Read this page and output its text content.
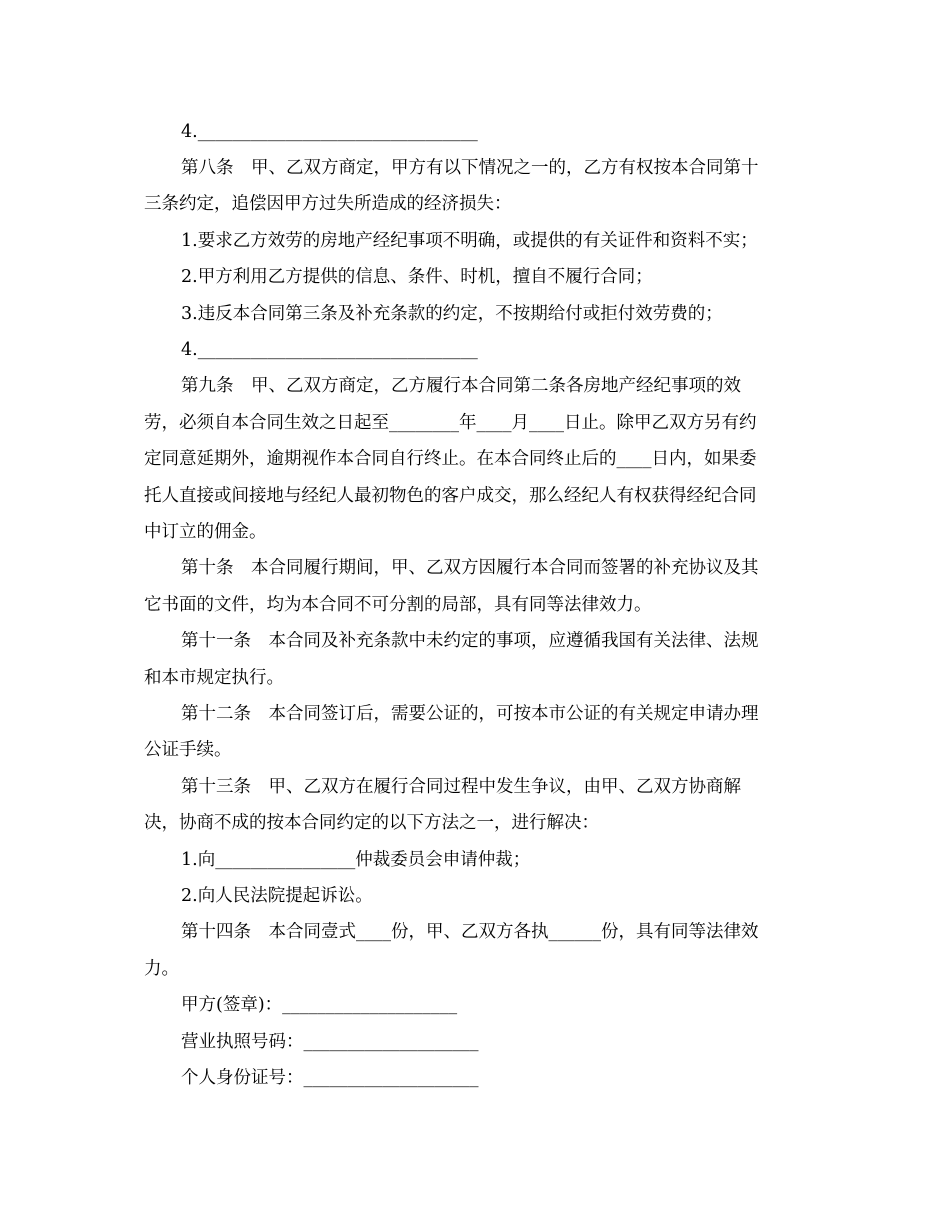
4.________________________________
第八条　甲、乙双方商定，甲方有以下情况之一的，乙方有权按本合同第十
三条约定，追偿因甲方过失所造成的经济损失：
1.要求乙方效劳的房地产经纪事项不明确，或提供的有关证件和资料不实；
2.甲方利用乙方提供的信息、条件、时机，擅自不履行合同；
3.违反本合同第三条及补充条款的约定，不按期给付或拒付效劳费的；
4.________________________________
第九条　甲、乙双方商定，乙方履行本合同第二条各房地产经纪事项的效
劳，必须自本合同生效之日起至________年____月____日止。除甲乙双方另有约
定同意延期外，逾期视作本合同自行终止。在本合同终止后的____日内，如果委
托人直接或间接地与经纪人最初物色的客户成交，那么经纪人有权获得经纪合同
中订立的佣金。
第十条　本合同履行期间，甲、乙双方因履行本合同而签署的补充协议及其
它书面的文件，均为本合同不可分割的局部，具有同等法律效力。
第十一条　本合同及补充条款中未约定的事项，应遵循我国有关法律、法规
和本市规定执行。
第十二条　本合同签订后，需要公证的，可按本市公证的有关规定申请办理
公证手续。
第十三条　甲、乙双方在履行合同过程中发生争议，由甲、乙双方协商解
决，协商不成的按本合同约定的以下方法之一，进行解决：
1.向________________仲裁委员会申请仲裁；
2.向人民法院提起诉讼。
第十四条　本合同壹式____份，甲、乙双方各执______份，具有同等法律效
力。
甲方(签章)：____________________
营业执照号码：____________________
个人身份证号：____________________
